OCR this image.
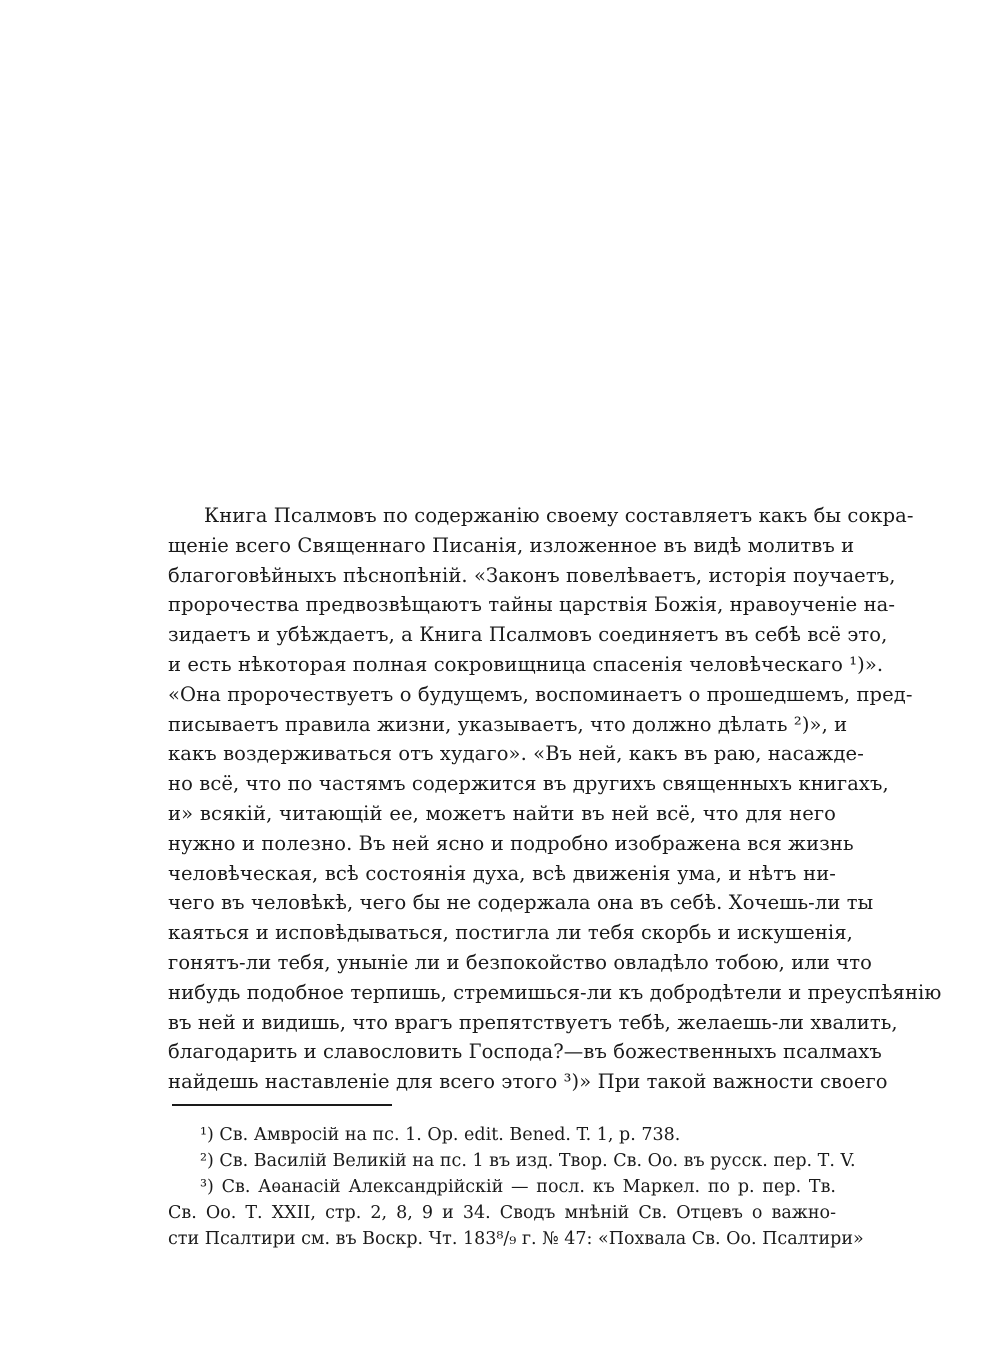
Книга Псалмовъ по содержанію своему составляетъ какъ бы сокра-
щеніе всего Священнаго Писанія, изложенное въ видѣ молитвъ и
благоговѣйныхъ пѣснопѣній. «Законъ повелѣваетъ, исторія поучаетъ,
пророчества предвозвѣщаютъ тайны царствія Божія, нравоученіе на-
зидаетъ и убѣждаетъ, а Книга Псалмовъ соединяетъ въ себѣ всё это,
и есть нѣкоторая полная сокровищница спасенія человѣческаго ¹)».
«Она пророчествуетъ о будущемъ, воспоминаетъ о прошедшемъ, пред-
писываетъ правила жизни, указываетъ, что должно дѣлать ²)», и
какъ воздерживаться отъ худаго». «Въ ней, какъ въ раю, насажде-
но всё, что по частямъ содержится въ другихъ священныхъ книгахъ,
и» всякій, читающій ее, можетъ найти въ ней всё, что для него
нужно и полезно. Въ ней ясно и подробно изображена вся жизнь
человѣческая, всѣ состоянія духа, всѣ движенія ума, и нѣтъ ни-
чего въ человѣкѣ, чего бы не содержала она въ себѣ. Хочешь-ли ты
каяться и исповѣдываться, постигла ли тебя скорбь и искушенія,
гонятъ-ли тебя, уныніе ли и безпокойство овладѣло тобою, или что
нибудь подобное терпишь, стремишься-ли къ добродѣтели и преуспѣянію
въ ней и видишь, что врагъ препятствуетъ тебѣ, желаешь-ли хвалить,
благодарить и славословить Господа?—въ божественныхъ псалмахъ
найдешь наставленіе для всего этого ³)» При такой важности своего
¹) Св. Амвросій на пс. 1. Op. edit. Bened. T. 1, p. 738.
²) Св. Василій Великій на пс. 1 въ изд. Твор. Св. Оо. въ русск. пер. Т. V.
³) Св. Аѳанасій Александрійскій — посл. къ Маркел. по р. пер. Тв.
Св. Оо. Т. XXII, стр. 2, 8, 9 и 34. Сводъ мнѣній Св. Отцевъ о важно-
сти Псалтири см. въ Воскр. Чт. 183⁸/₉ г. № 47: «Похвала Св. Оо. Псалтири»
